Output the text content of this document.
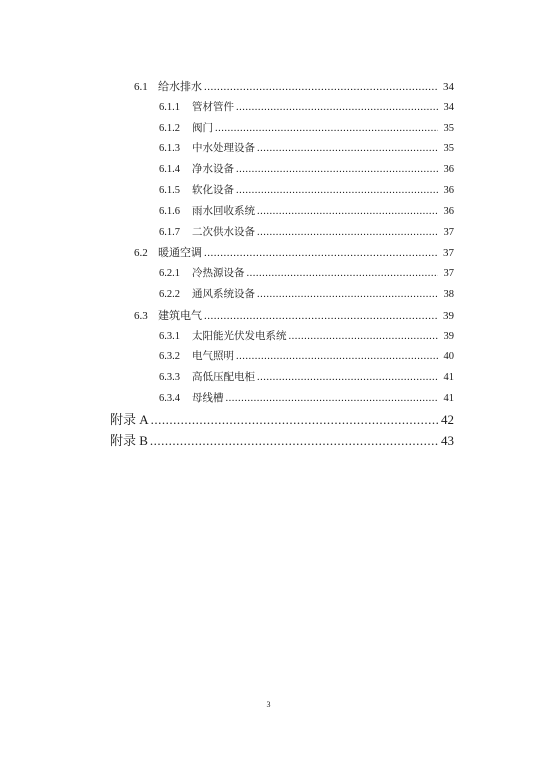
6.1 给水排水 .....	34
6.1.1	管材管件 .....	34
6.1.2	阀门 .....	35
6.1.3	中水处理设备 .....	35
6.1.4	净水设备 .....	36
6.1.5	软化设备 .....	36
6.1.6	雨水回收系统 .....	36
6.1.7	二次供水设备 .....	37
6.2 暖通空调 .....	37
6.2.1	冷热源设备 .....	37
6.2.2	通风系统设备 .....	38
6.3 建筑电气 .....	39
6.3.1	太阳能光伏发电系统 .....	39
6.3.2	电气照明 .....	40
6.3.3	高低压配电柜 .....	41
6.3.4	母线槽 .....	41
附录 A .....	42
附录 B .....	43
3
